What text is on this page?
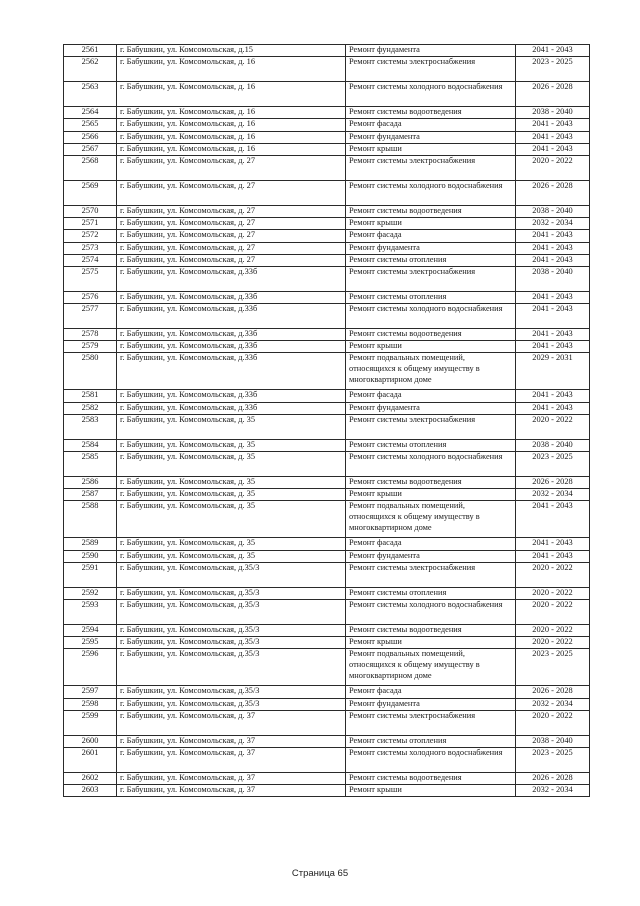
2561	г. Бабушкин, ул. Комсомольская, д.15	Ремонт фундамента	2041 - 2043
2562	г. Бабушкин, ул. Комсомольская, д. 16	Ремонт системы электроснабжения	2023 - 2025
2563	г. Бабушкин, ул. Комсомольская, д. 16	Ремонт системы холодного водоснабжения	2026 - 2028
2564	г. Бабушкин, ул. Комсомольская, д. 16	Ремонт системы водоотведения	2038 - 2040
2565	г. Бабушкин, ул. Комсомольская, д. 16	Ремонт фасада	2041 - 2043
2566	г. Бабушкин, ул. Комсомольская, д. 16	Ремонт фундамента	2041 - 2043
2567	г. Бабушкин, ул. Комсомольская, д. 16	Ремонт крыши	2041 - 2043
2568	г. Бабушкин, ул. Комсомольская, д. 27	Ремонт системы электроснабжения	2020 - 2022
2569	г. Бабушкин, ул. Комсомольская, д. 27	Ремонт системы холодного водоснабжения	2026 - 2028
2570	г. Бабушкин, ул. Комсомольская, д. 27	Ремонт системы водоотведения	2038 - 2040
2571	г. Бабушкин, ул. Комсомольская, д. 27	Ремонт крыши	2032 - 2034
2572	г. Бабушкин, ул. Комсомольская, д. 27	Ремонт фасада	2041 - 2043
2573	г. Бабушкин, ул. Комсомольская, д. 27	Ремонт фундамента	2041 - 2043
2574	г. Бабушкин, ул. Комсомольская, д. 27	Ремонт системы отопления	2041 - 2043
2575	г. Бабушкин, ул. Комсомольская, д.33б	Ремонт системы электроснабжения	2038 - 2040
2576	г. Бабушкин, ул. Комсомольская, д.33б	Ремонт системы отопления	2041 - 2043
2577	г. Бабушкин, ул. Комсомольская, д.33б	Ремонт системы холодного водоснабжения	2041 - 2043
2578	г. Бабушкин, ул. Комсомольская, д.33б	Ремонт системы водоотведения	2041 - 2043
2579	г. Бабушкин, ул. Комсомольская, д.33б	Ремонт крыши	2041 - 2043
2580	г. Бабушкин, ул. Комсомольская, д.33б	Ремонт подвальных помещений, относящихся к общему имуществу в многоквартирном доме	2029 - 2031
2581	г. Бабушкин, ул. Комсомольская, д.33б	Ремонт фасада	2041 - 2043
2582	г. Бабушкин, ул. Комсомольская, д.33б	Ремонт фундамента	2041 - 2043
2583	г. Бабушкин, ул. Комсомольская, д. 35	Ремонт системы электроснабжения	2020 - 2022
2584	г. Бабушкин, ул. Комсомольская, д. 35	Ремонт системы отопления	2038 - 2040
2585	г. Бабушкин, ул. Комсомольская, д. 35	Ремонт системы холодного водоснабжения	2023 - 2025
2586	г. Бабушкин, ул. Комсомольская, д. 35	Ремонт системы водоотведения	2026 - 2028
2587	г. Бабушкин, ул. Комсомольская, д. 35	Ремонт крыши	2032 - 2034
2588	г. Бабушкин, ул. Комсомольская, д. 35	Ремонт подвальных помещений, относящихся к общему имуществу в многоквартирном доме	2041 - 2043
2589	г. Бабушкин, ул. Комсомольская, д. 35	Ремонт фасада	2041 - 2043
2590	г. Бабушкин, ул. Комсомольская, д. 35	Ремонт фундамента	2041 - 2043
2591	г. Бабушкин, ул. Комсомольская, д.35/3	Ремонт системы электроснабжения	2020 - 2022
2592	г. Бабушкин, ул. Комсомольская, д.35/3	Ремонт системы отопления	2020 - 2022
2593	г. Бабушкин, ул. Комсомольская, д.35/3	Ремонт системы холодного водоснабжения	2020 - 2022
2594	г. Бабушкин, ул. Комсомольская, д.35/3	Ремонт системы водоотведения	2020 - 2022
2595	г. Бабушкин, ул. Комсомольская, д.35/3	Ремонт крыши	2020 - 2022
2596	г. Бабушкин, ул. Комсомольская, д.35/3	Ремонт подвальных помещений, относящихся к общему имуществу в многоквартирном доме	2023 - 2025
2597	г. Бабушкин, ул. Комсомольская, д.35/3	Ремонт фасада	2026 - 2028
2598	г. Бабушкин, ул. Комсомольская, д.35/3	Ремонт фундамента	2032 - 2034
2599	г. Бабушкин, ул. Комсомольская, д. 37	Ремонт системы электроснабжения	2020 - 2022
2600	г. Бабушкин, ул. Комсомольская, д. 37	Ремонт системы отопления	2038 - 2040
2601	г. Бабушкин, ул. Комсомольская, д. 37	Ремонт системы холодного водоснабжения	2023 - 2025
2602	г. Бабушкин, ул. Комсомольская, д. 37	Ремонт системы водоотведения	2026 - 2028
2603	г. Бабушкин, ул. Комсомольская, д. 37	Ремонт крыши	2032 - 2034
Страница 65
